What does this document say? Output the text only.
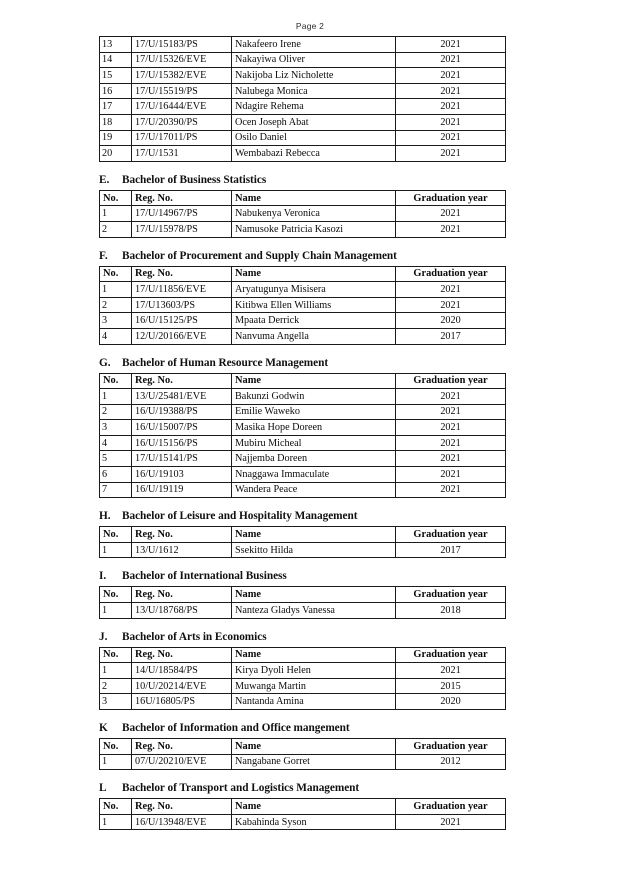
Page 2
13	17/U/15183/PS	Nakafeero Irene	2021
14	17/U/15326/EVE	Nakayiwa Oliver	2021
15	17/U/15382/EVE	Nakijoba Liz Nicholette	2021
16	17/U/15519/PS	Nalubega Monica	2021
17	17/U/16444/EVE	Ndagire Rehema	2021
18	17/U/20390/PS	Ocen Joseph Abat	2021
19	17/U/17011/PS	Osilo Daniel	2021
20	17/U/1531	Wembabazi Rebecca	2021
E.	Bachelor of Business Statistics
No.	Reg. No.	Name	Graduation year
1	17/U/14967/PS	Nabukenya Veronica	2021
2	17/U/15978/PS	Namusoke Patricia Kasozi	2021
F.	Bachelor of Procurement and Supply Chain Management
No.	Reg. No.	Name	Graduation year
1	17/U/11856/EVE	Aryatugunya Misisera	2021
2	17/U13603/PS	Kitibwa Ellen Williams	2021
3	16/U/15125/PS	Mpaata Derrick	2020
4	12/U/20166/EVE	Nanvuma Angella	2017
G.	Bachelor of Human Resource Management
No.	Reg. No.	Name	Graduation year
1	13/U/25481/EVE	Bakunzi Godwin	2021
2	16/U/19388/PS	Emilie Waweko	2021
3	16/U/15007/PS	Masika Hope Doreen	2021
4	16/U/15156/PS	Mubiru Micheal	2021
5	17/U/15141/PS	Najjemba Doreen	2021
6	16/U/19103	Nnaggawa Immaculate	2021
7	16/U/19119	Wandera Peace	2021
H.	Bachelor of Leisure and Hospitality Management
No.	Reg. No.	Name	Graduation year
1	13/U/1612	Ssekitto Hilda	2017
I.	Bachelor of International Business
No.	Reg. No.	Name	Graduation year
1	13/U/18768/PS	Nanteza Gladys Vanessa	2018
J.	Bachelor of Arts in Economics
No.	Reg. No.	Name	Graduation year
1	14/U/18584/PS	Kirya Dyoli Helen	2021
2	10/U/20214/EVE	Muwanga Martin	2015
3	16U/16805/PS	Nantanda Amina	2020
K	Bachelor of Information and Office mangement
No.	Reg. No.	Name	Graduation year
1	07/U/20210/EVE	Nangabane Gorret	2012
L	Bachelor of Transport and Logistics Management
No.	Reg. No.	Name	Graduation year
1	16/U/13948/EVE	Kabahinda Syson	2021
